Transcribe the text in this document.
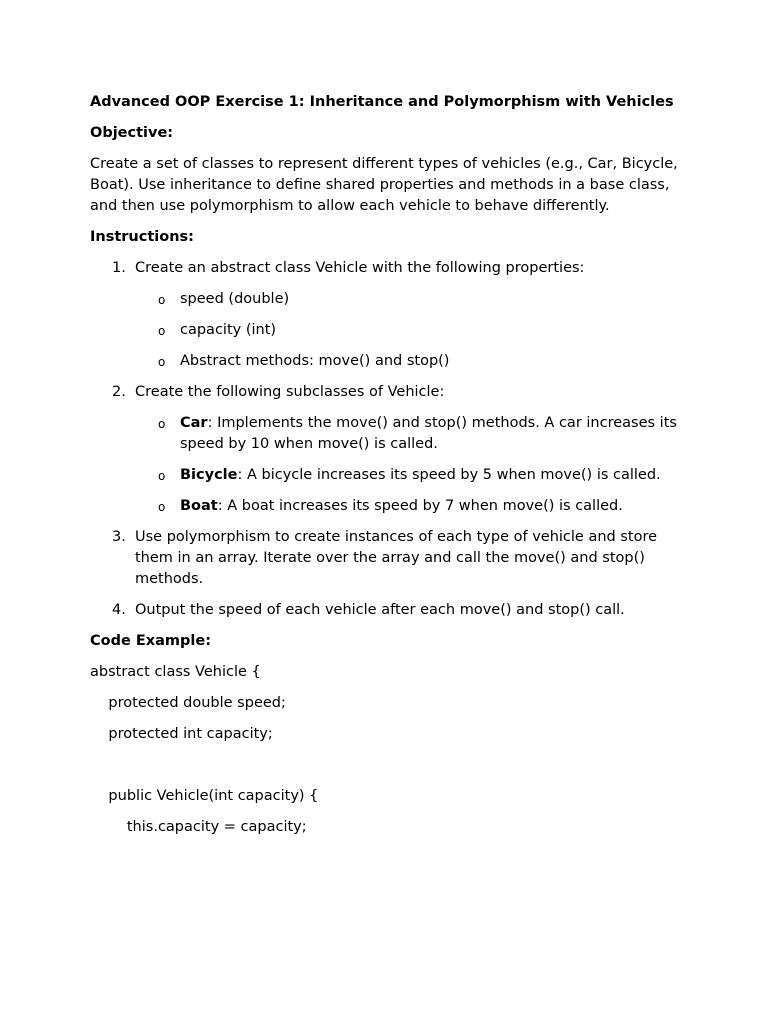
Advanced OOP Exercise 1: Inheritance and Polymorphism with Vehicles

Objective:

Create a set of classes to represent different types of vehicles (e.g., Car, Bicycle, Boat). Use inheritance to define shared properties and methods in a base class, and then use polymorphism to allow each vehicle to behave differently.

Instructions:

1. Create an abstract class Vehicle with the following properties:
o speed (double)
o capacity (int)
o Abstract methods: move() and stop()
2. Create the following subclasses of Vehicle:
o Car: Implements the move() and stop() methods. A car increases its speed by 10 when move() is called.
o Bicycle: A bicycle increases its speed by 5 when move() is called.
o Boat: A boat increases its speed by 7 when move() is called.
3. Use polymorphism to create instances of each type of vehicle and store them in an array. Iterate over the array and call the move() and stop() methods.
4. Output the speed of each vehicle after each move() and stop() call.

Code Example:

abstract class Vehicle {

protected double speed;

protected int capacity;

public Vehicle(int capacity) {

this.capacity = capacity;
